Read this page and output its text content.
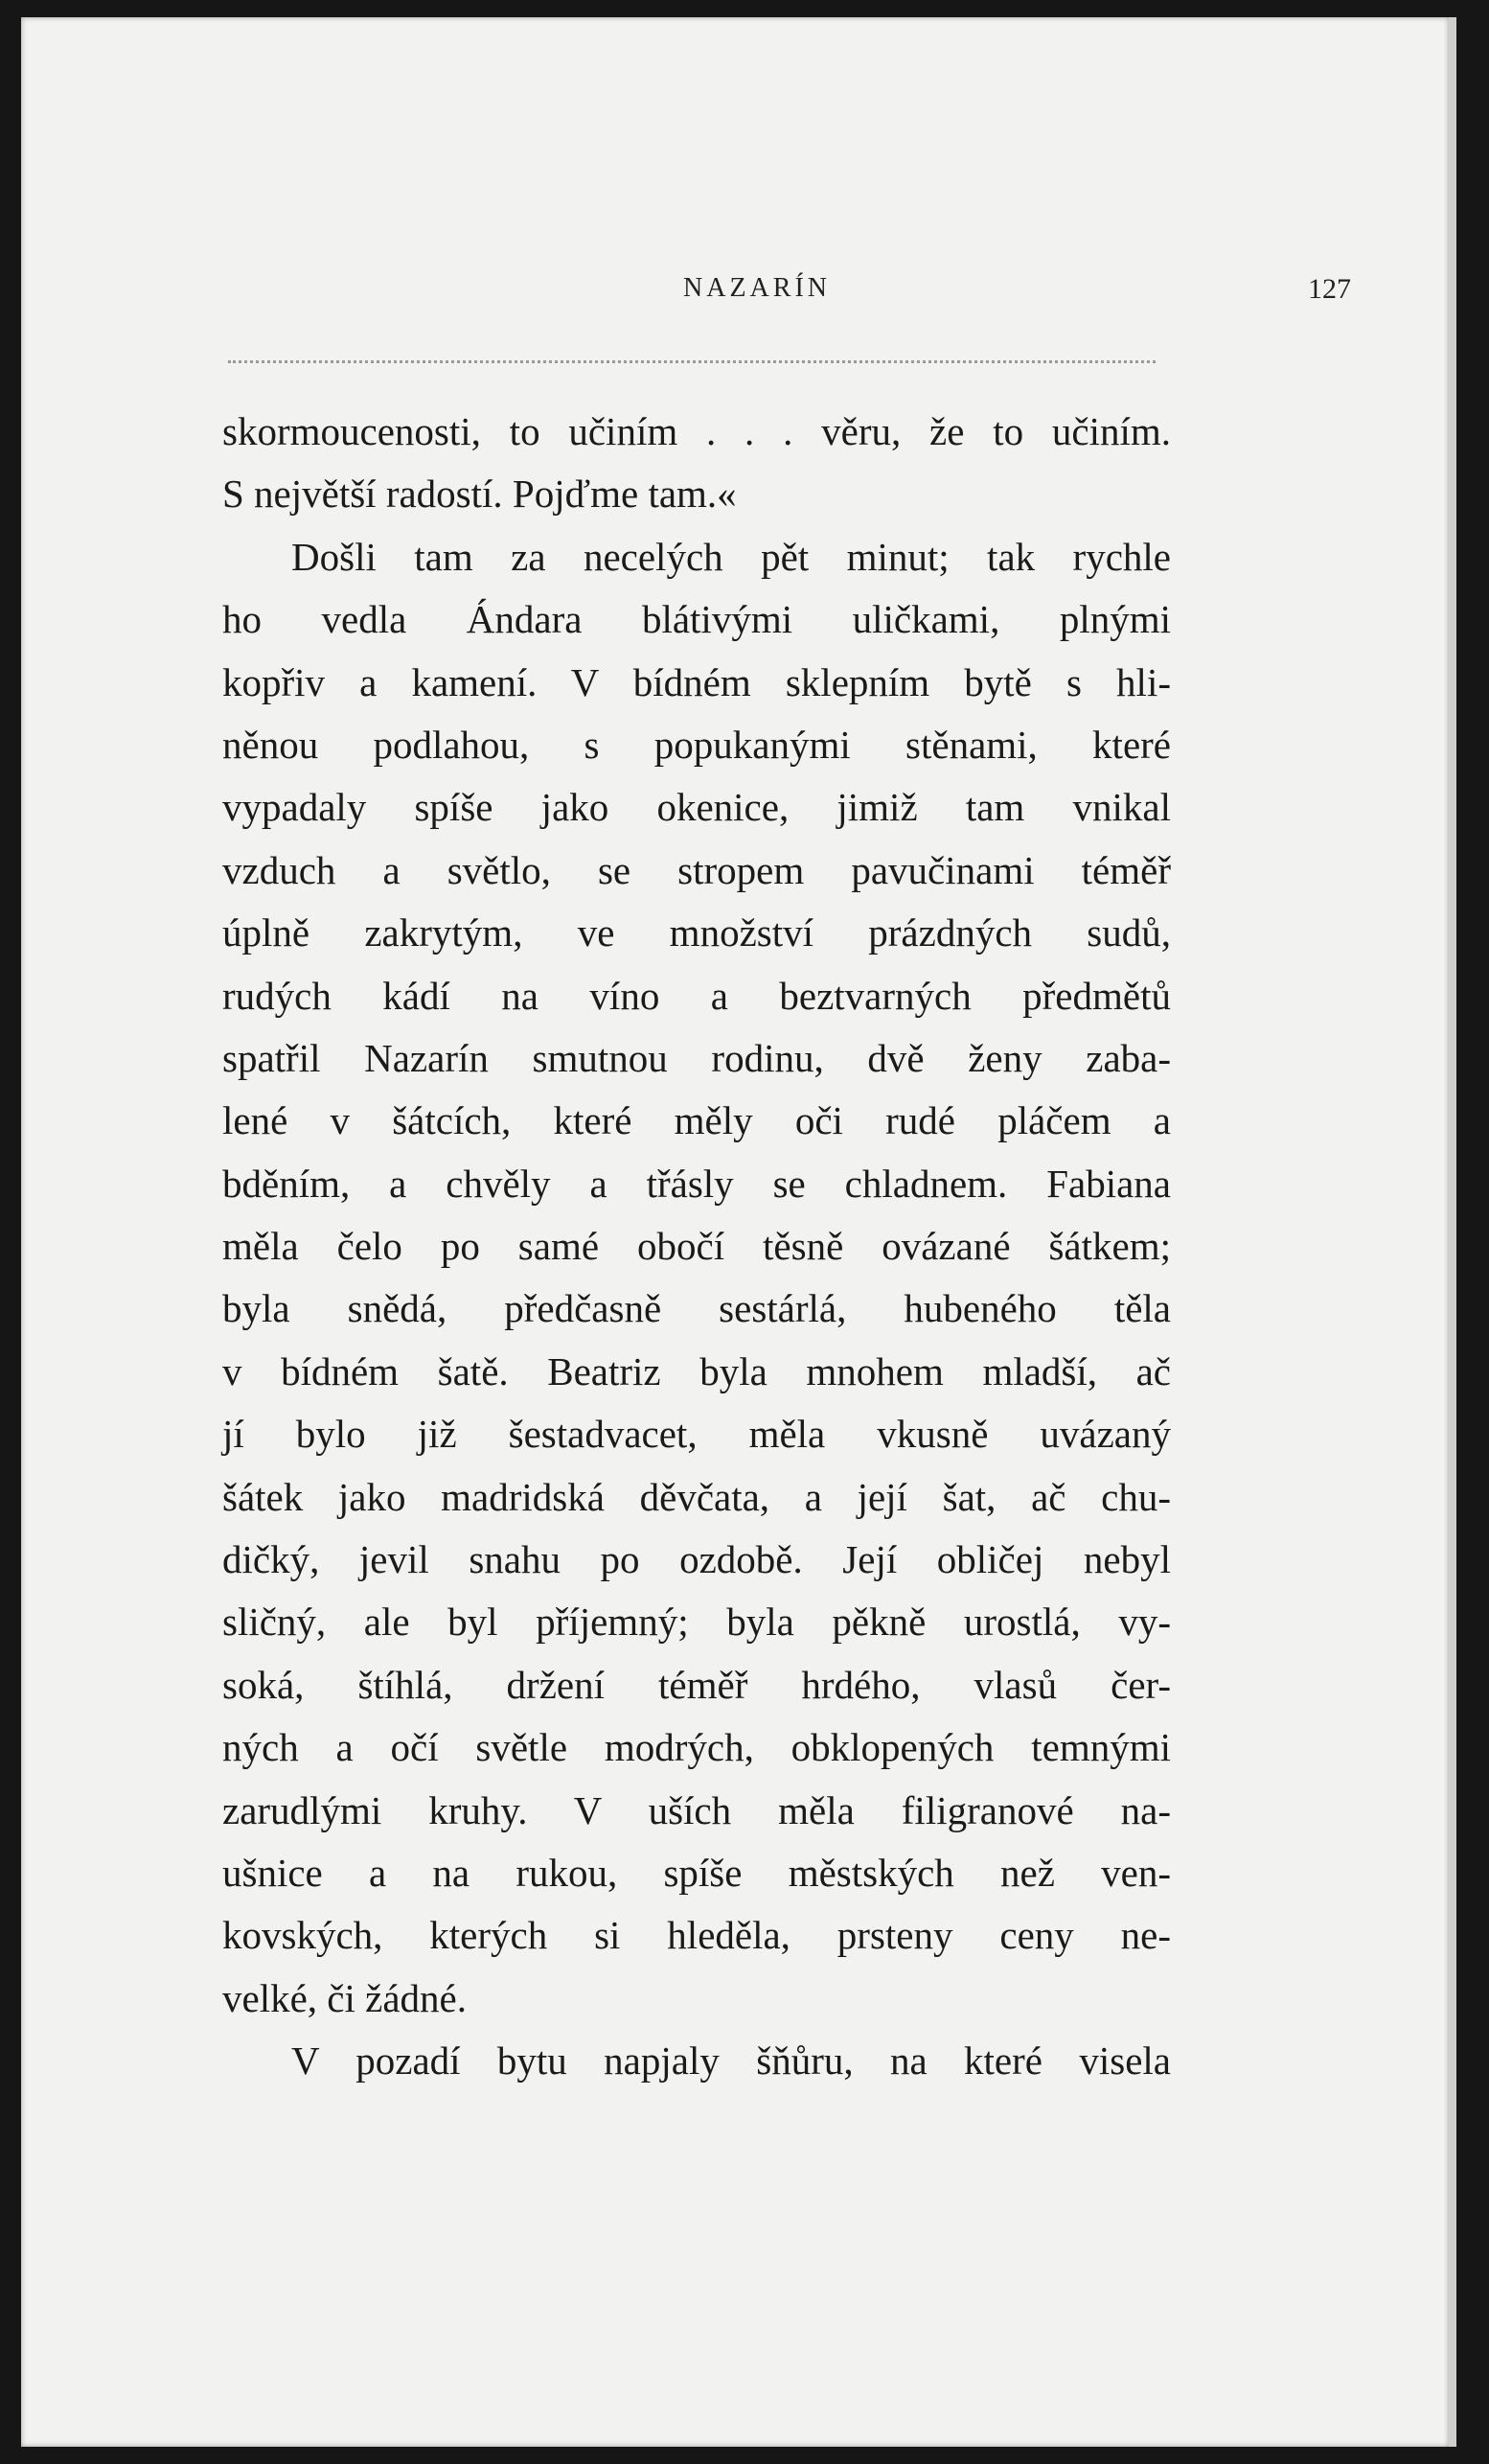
NAZARÍN	127
skormoucenosti, to učiním . . . věru, že to učiním.
S největší radostí. Pojďme tam.«
Došli tam za necelých pět minut; tak rychle
ho vedla Ándara blátivými uličkami, plnými
kopřiv a kamení. V bídném sklepním bytě s hli-
něnou podlahou, s popukanými stěnami, které
vypadaly spíše jako okenice, jimiž tam vnikal
vzduch a světlo, se stropem pavučinami téměř
úplně zakrytým, ve množství prázdných sudů,
rudých kádí na víno a beztvarných předmětů
spatřil Nazarín smutnou rodinu, dvě ženy zaba-
lené v šátcích, které měly oči rudé pláčem a
bděním, a chvěly a třásly se chladnem. Fabiana
měla čelo po samé obočí těsně ovázané šátkem;
byla snědá, předčasně sestárlá, hubeného těla
v bídném šatě. Beatriz byla mnohem mladší, ač
jí bylo již šestadvacet, měla vkusně uvázaný
šátek jako madridská děvčata, a její šat, ač chu-
dičký, jevil snahu po ozdobě. Její obličej nebyl
sličný, ale byl příjemný; byla pěkně urostlá, vy-
soká, štíhlá, držení téměř hrdého, vlasů čer-
ných a očí světle modrých, obklopených temnými
zarudlými kruhy. V uších měla filigranové na-
ušnice a na rukou, spíše městských než ven-
kovských, kterých si hleděla, prsteny ceny ne-
velké, či žádné.
V pozadí bytu napjaly šňůru, na které visela
